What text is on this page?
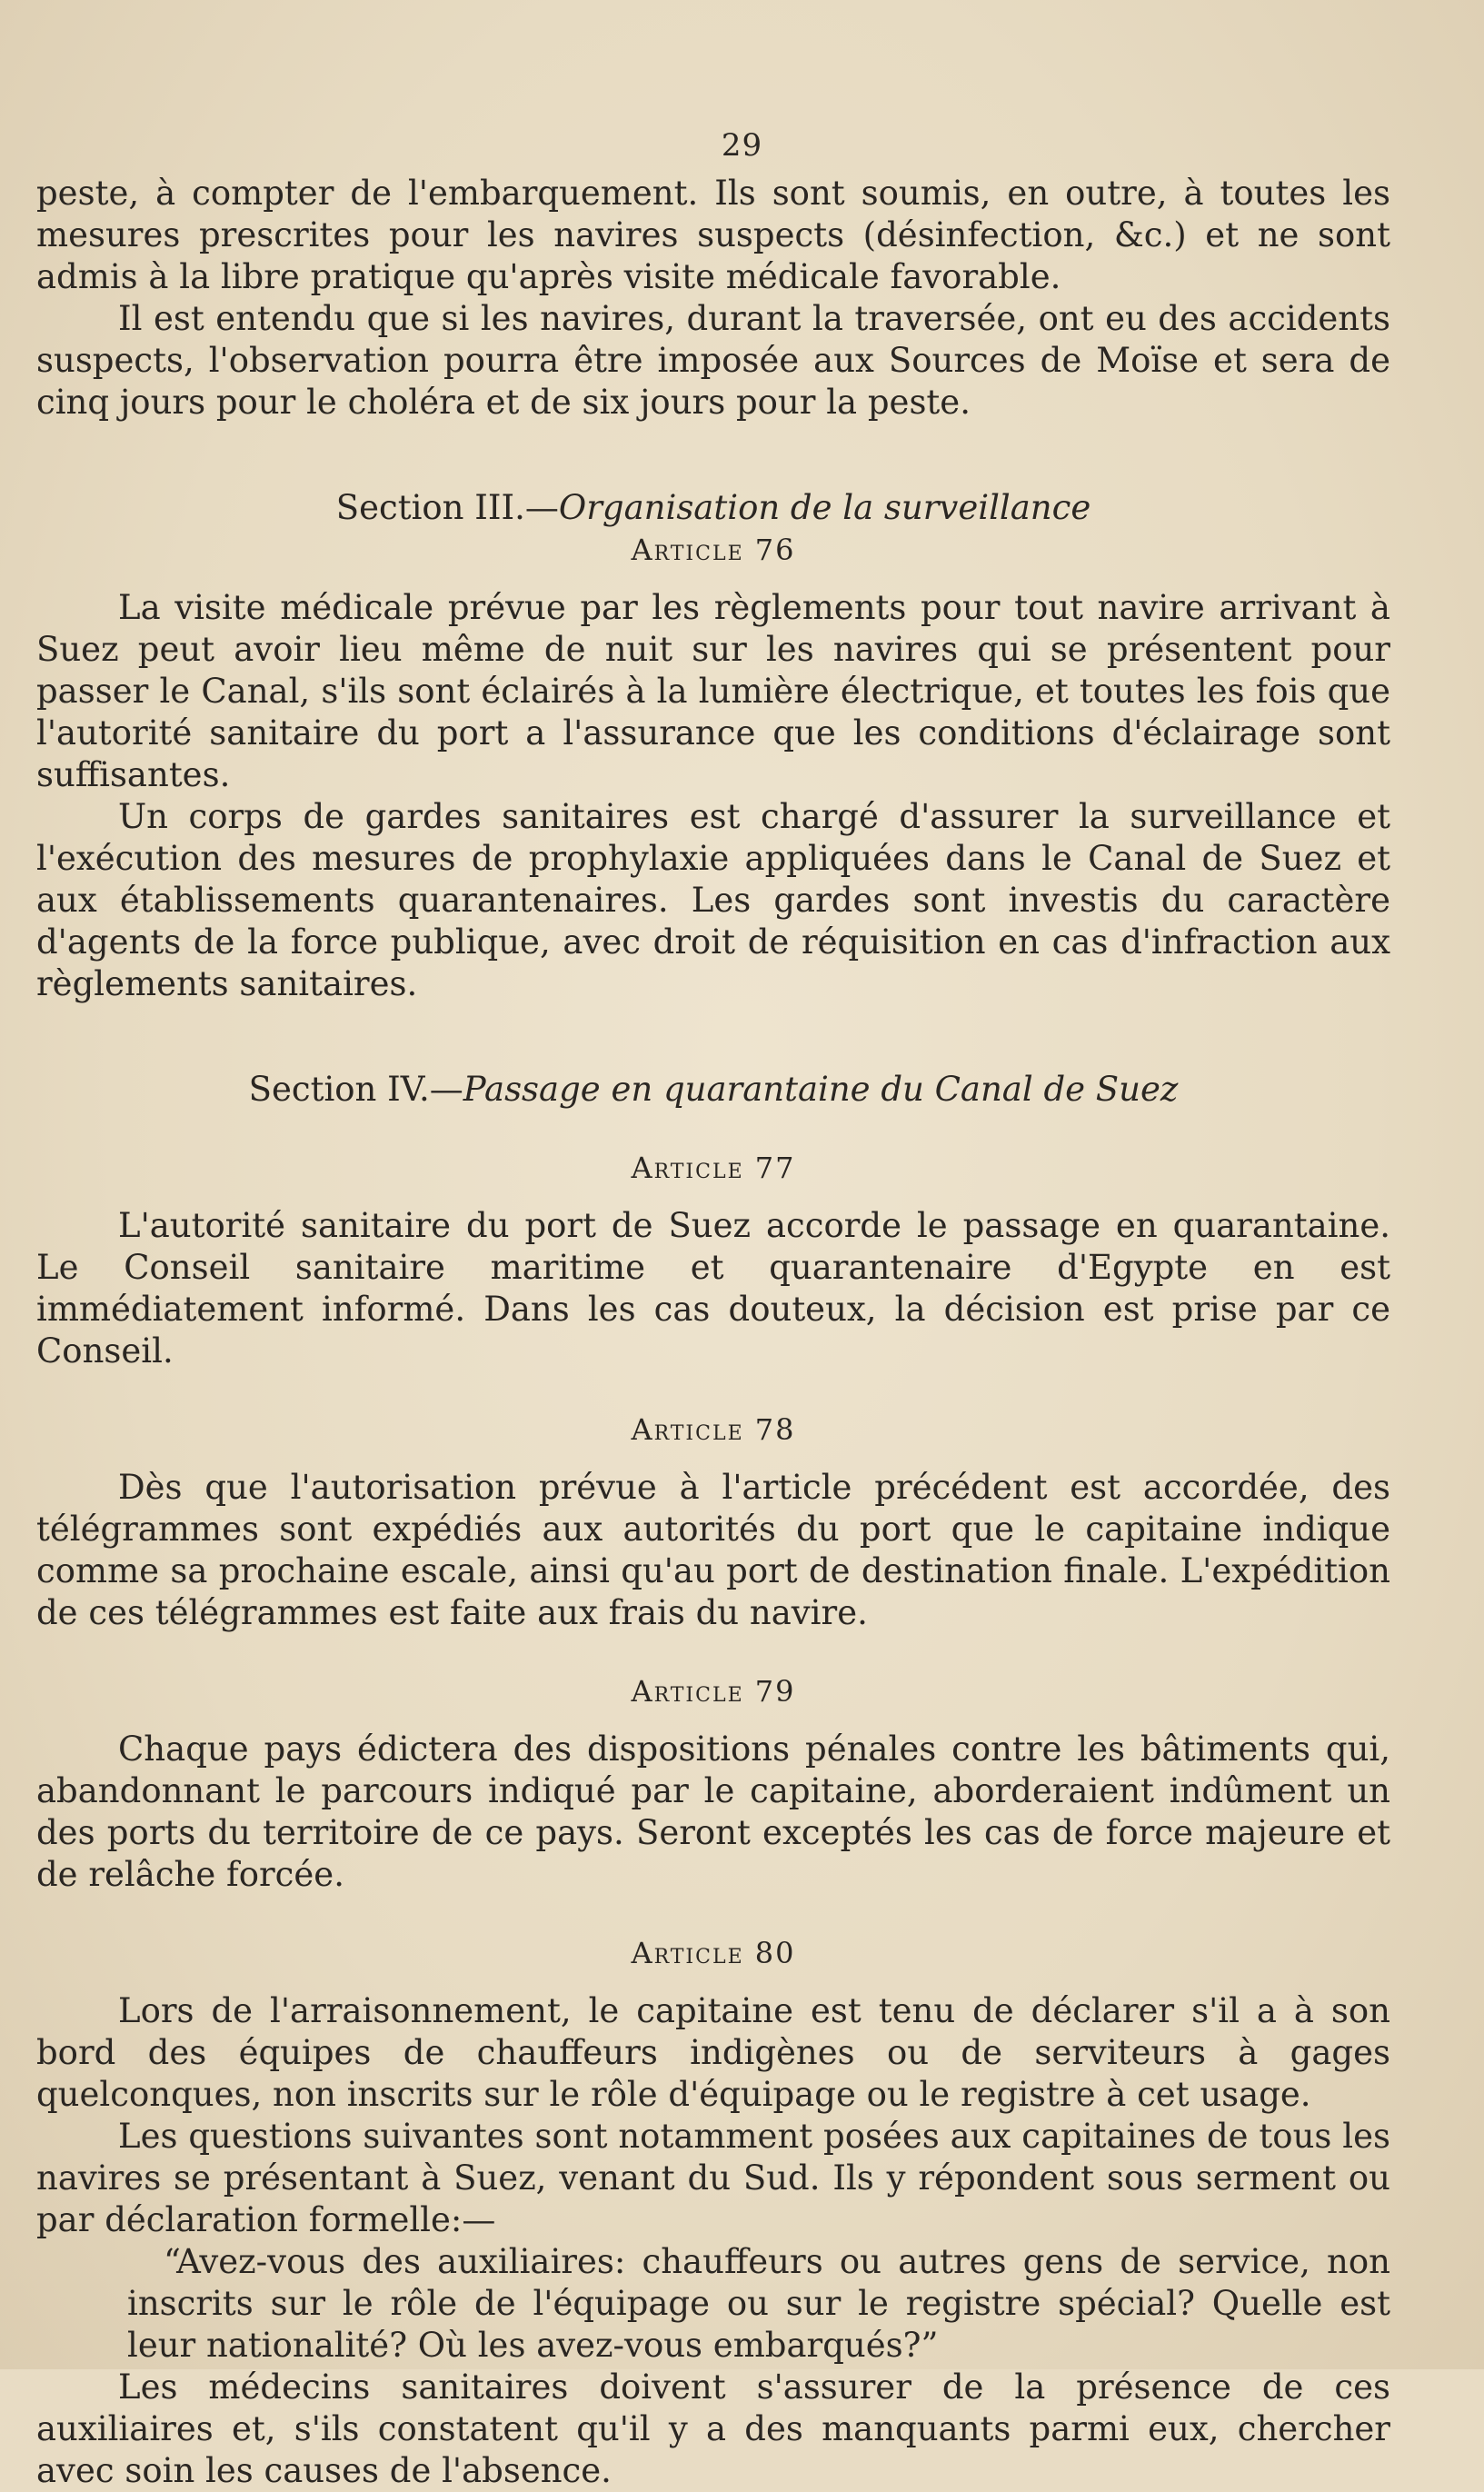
29

peste, à compter de l'embarquement. Ils sont soumis, en outre, à toutes les mesures prescrites pour les navires suspects (désinfection, &c.) et ne sont admis à la libre pratique qu'après visite médicale favorable.

Il est entendu que si les navires, durant la traversée, ont eu des accidents suspects, l'observation pourra être imposée aux Sources de Moïse et sera de cinq jours pour le choléra et de six jours pour la peste.

Section III.—Organisation de la surveillance

Article 76

La visite médicale prévue par les règlements pour tout navire arrivant à Suez peut avoir lieu même de nuit sur les navires qui se présentent pour passer le Canal, s'ils sont éclairés à la lumière électrique, et toutes les fois que l'autorité sanitaire du port a l'assurance que les conditions d'éclairage sont suffisantes.

Un corps de gardes sanitaires est chargé d'assurer la surveillance et l'exécution des mesures de prophylaxie appliquées dans le Canal de Suez et aux établissements quarantenaires. Les gardes sont investis du caractère d'agents de la force publique, avec droit de réquisition en cas d'infraction aux règlements sanitaires.

Section IV.—Passage en quarantaine du Canal de Suez

Article 77

L'autorité sanitaire du port de Suez accorde le passage en quarantaine. Le Conseil sanitaire maritime et quarantenaire d'Egypte en est immédiatement informé. Dans les cas douteux, la décision est prise par ce Conseil.

Article 78

Dès que l'autorisation prévue à l'article précédent est accordée, des télégrammes sont expédiés aux autorités du port que le capitaine indique comme sa prochaine escale, ainsi qu'au port de destination finale. L'expédition de ces télégrammes est faite aux frais du navire.

Article 79

Chaque pays édictera des dispositions pénales contre les bâtiments qui, abandonnant le parcours indiqué par le capitaine, aborderaient indûment un des ports du territoire de ce pays. Seront exceptés les cas de force majeure et de relâche forcée.

Article 80

Lors de l'arraisonnement, le capitaine est tenu de déclarer s'il a à son bord des équipes de chauffeurs indigènes ou de serviteurs à gages quelconques, non inscrits sur le rôle d'équipage ou le registre à cet usage.

Les questions suivantes sont notamment posées aux capitaines de tous les navires se présentant à Suez, venant du Sud. Ils y répondent sous serment ou par déclaration formelle:—

“Avez-vous des auxiliaires: chauffeurs ou autres gens de service, non inscrits sur le rôle de l'équipage ou sur le registre spécial? Quelle est leur nationalité? Où les avez-vous embarqués?”

Les médecins sanitaires doivent s'assurer de la présence de ces auxiliaires et, s'ils constatent qu'il y a des manquants parmi eux, chercher avec soin les causes de l'absence.
